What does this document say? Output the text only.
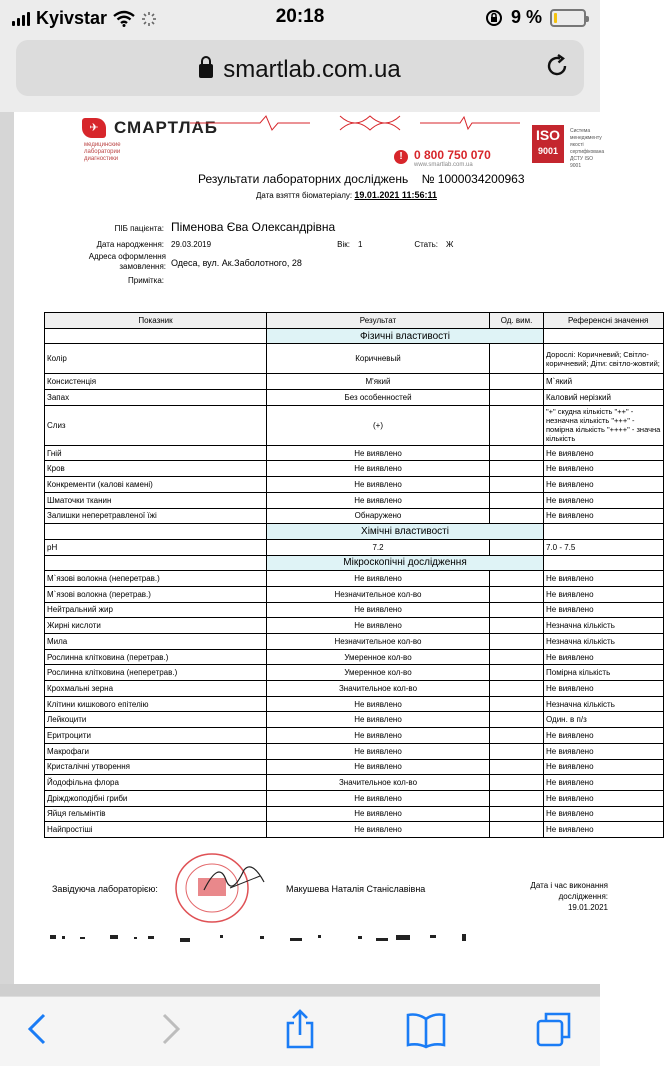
Kyivstar	20:18	9 %
smartlab.com.ua
✈ СМАРТЛАБ
медицинские лаборатории диагностики	! 0 800 750 070
www.smartlab.com.ua
ISO
9001
Система менеджменту якості сертифікована ДСТУ ISO 9001
Результати лабораторних досліджень № 1000034200963
Дата взяття біоматеріалу: 19.01.2021 11:56:11
ПІБ пацієнта: Піменова Єва Олександрівна
Дата народження: 29.03.2019	Вік: 1	Стать: Ж
Адреса оформлення замовлення: Одеса, вул. Ак.Заболотного, 28
Примітка:
Показник	Результат	Од. вим.	Референсні значення
	Фізичні властивості		
Колір	Коричневый		Дорослі: Коричневий; Світло-коричневий; Діти: світло-жовтий;
Консистенція	М'який		М`який
Запах	Без особенностей		Каловий нерізкий
Слиз	(+)		"+" скудна кількість "++" - незначна кількість "+++" - помірна кількість "++++" - значна кількість
Гній	Не виявлено		Не виявлено
Кров	Не виявлено		Не виявлено
Конкременти (калові камені)	Не виявлено		Не виявлено
Шматочки тканин	Не виявлено		Не виявлено
Залишки неперетравленої їжі	Обнаружено		Не виявлено
	Хімічні властивості		
pH	7.2		7.0 - 7.5
	Мікроскопічні дослідження		
М`язові волокна (неперетрав.)	Не виявлено		Не виявлено
М`язові волокна (перетрав.)	Незначительное кол-во		Не виявлено
Нейтральний жир	Не виявлено		Не виявлено
Жирні кислоти	Не виявлено		Незначна кількість
Мила	Незначительное кол-во		Незначна кількість
Рослинна клітковина (перетрав.)	Умеренное кол-во		Не виявлено
Рослинна клітковина (неперетрав.)	Умеренное кол-во		Помірна кількість
Крохмальні зерна	Значительное кол-во		Не виявлено
Клітини кишкового епітелію	Не виявлено		Незначна кількість
Лейкоцити	Не виявлено		Один. в п/з
Еритроцити	Не виявлено		Не виявлено
Макрофаги	Не виявлено		Не виявлено
Кристалічні утворення	Не виявлено		Не виявлено
Йодофільна флора	Значительное кол-во		Не виявлено
Дріжджоподібні гриби	Не виявлено		Не виявлено
Яйця гельмінтів	Не виявлено		Не виявлено
Найпростіші	Не виявлено		Не виявлено
Завідуюча лабораторією:	Макушева Наталія Станіславівна	Дата і час виконання дослідження:
19.01.2021
